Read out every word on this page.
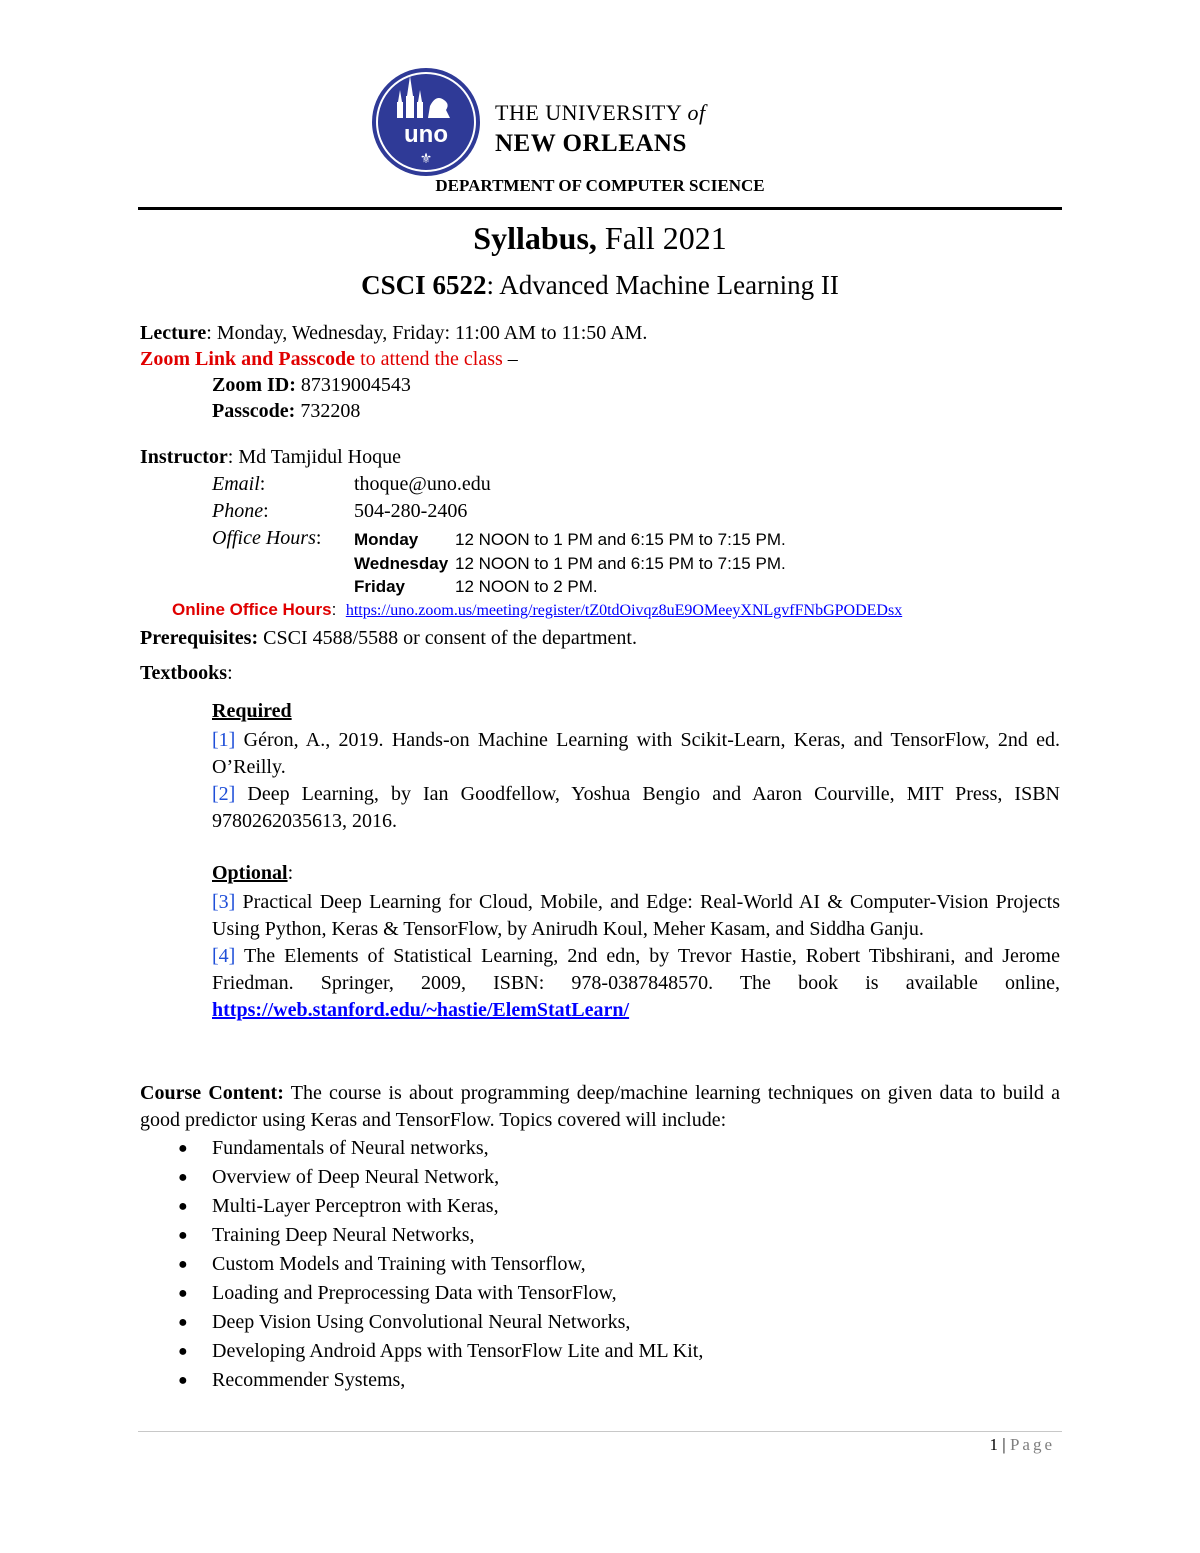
uno
⚜
THE UNIVERSITY of
NEW ORLEANS
DEPARTMENT OF COMPUTER SCIENCE
Syllabus, Fall 2021
CSCI 6522: Advanced Machine Learning II
Lecture: Monday, Wednesday, Friday: 11:00 AM to 11:50 AM.
Zoom Link and Passcode to attend the class –
Zoom ID: 87319004543
Passcode: 732208
Instructor: Md Tamjidul Hoque
Email:	thoque@uno.edu
Phone:	504-280-2406
Office Hours: Monday 12 NOON to 1 PM and 6:15 PM to 7:15 PM.
Wednesday 12 NOON to 1 PM and 6:15 PM to 7:15 PM.
Friday	12 NOON to 2 PM.
Online Office Hours:  https://uno.zoom.us/meeting/register/tZ0tdOivqz8uE9OMeeyXNLgvfFNbGPODEDsx
Prerequisites: CSCI 4588/5588 or consent of the department.
Textbooks:
Required

[1] Géron, A., 2019. Hands-on Machine Learning with Scikit-Learn, Keras, and TensorFlow, 2nd ed. O’Reilly.

[2] Deep Learning, by Ian Goodfellow, Yoshua Bengio and Aaron Courville, MIT Press, ISBN 9780262035613, 2016.

Optional:

[3] Practical Deep Learning for Cloud, Mobile, and Edge: Real-World AI & Computer-Vision Projects Using Python, Keras & TensorFlow, by Anirudh Koul, Meher Kasam, and Siddha Ganju.

[4] The Elements of Statistical Learning, 2nd edn, by Trevor Hastie, Robert Tibshirani, and Jerome Friedman. Springer, 2009, ISBN: 978-0387848570. The book is available online, https://web.stanford.edu/~hastie/ElemStatLearn/

Course Content: The course is about programming deep/machine learning techniques on given data to build a good predictor using Keras and TensorFlow. Topics covered will include:
● Fundamentals of Neural networks,
● Overview of Deep Neural Network,
● Multi-Layer Perceptron with Keras,
● Training Deep Neural Networks,
● Custom Models and Training with Tensorflow,
● Loading and Preprocessing Data with TensorFlow,
● Deep Vision Using Convolutional Neural Networks,
● Developing Android Apps with TensorFlow Lite and ML Kit,
● Recommender Systems,
1 | Page
